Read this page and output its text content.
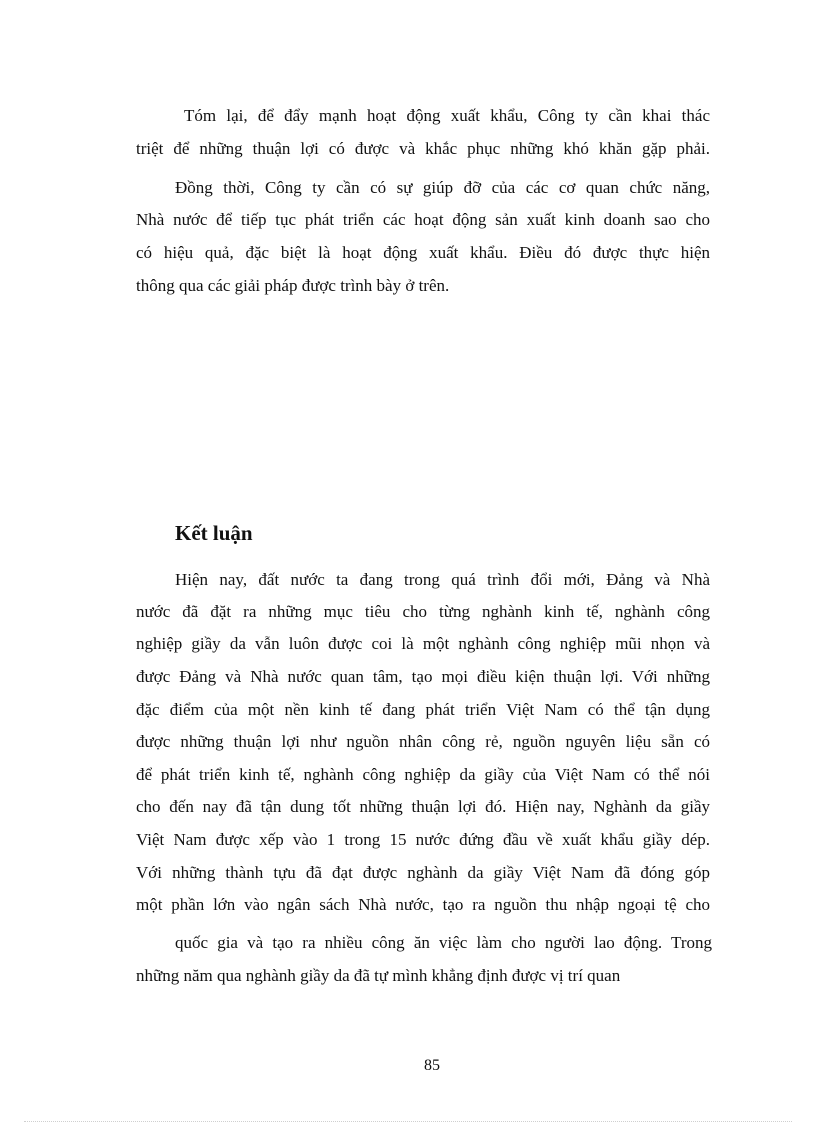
Tóm lại, để đẩy mạnh hoạt động xuất khẩu, Công ty cần khai thác
triệt để những thuận lợi có được và khắc phục những khó khăn gặp phải.
Đồng thời, Công ty cần có sự giúp đỡ của các cơ quan chức năng,
Nhà nước để tiếp tục phát triển các hoạt động sản xuất kinh doanh sao cho
có hiệu quả, đặc biệt là hoạt động xuất khẩu. Điều đó được thực hiện
thông qua các giải pháp được trình bày ở trên.
Kết luận
Hiện nay, đất nước ta đang trong quá trình đổi mới, Đảng và Nhà
nước đã đặt ra những mục tiêu cho từng nghành kinh tế, nghành công
nghiệp giầy da vẫn luôn được coi là một nghành công nghiệp mũi nhọn và
được Đảng và Nhà nước quan tâm, tạo mọi điều kiện thuận lợi. Với những
đặc điểm của một nền kinh tế đang phát triển Việt Nam có thể tận dụng
được những thuận lợi như nguồn nhân công rẻ, nguồn nguyên liệu sẵn có
để phát triển kinh tế, nghành công nghiệp da giầy của Việt Nam có thể nói
cho đến nay đã tận dung tốt những thuận lợi đó. Hiện nay, Nghành da giầy
Việt Nam được xếp vào 1 trong 15 nước đứng đầu về xuất khẩu giầy dép.
Với những thành tựu đã đạt được nghành da giầy Việt Nam đã đóng góp
một phần lớn vào ngân sách Nhà nước, tạo ra nguồn thu nhập ngoại tệ cho
quốc gia và tạo ra nhiều công ăn việc làm cho người lao động. Trong
những năm qua nghành giầy da đã tự mình khẳng định được vị trí quan
85
